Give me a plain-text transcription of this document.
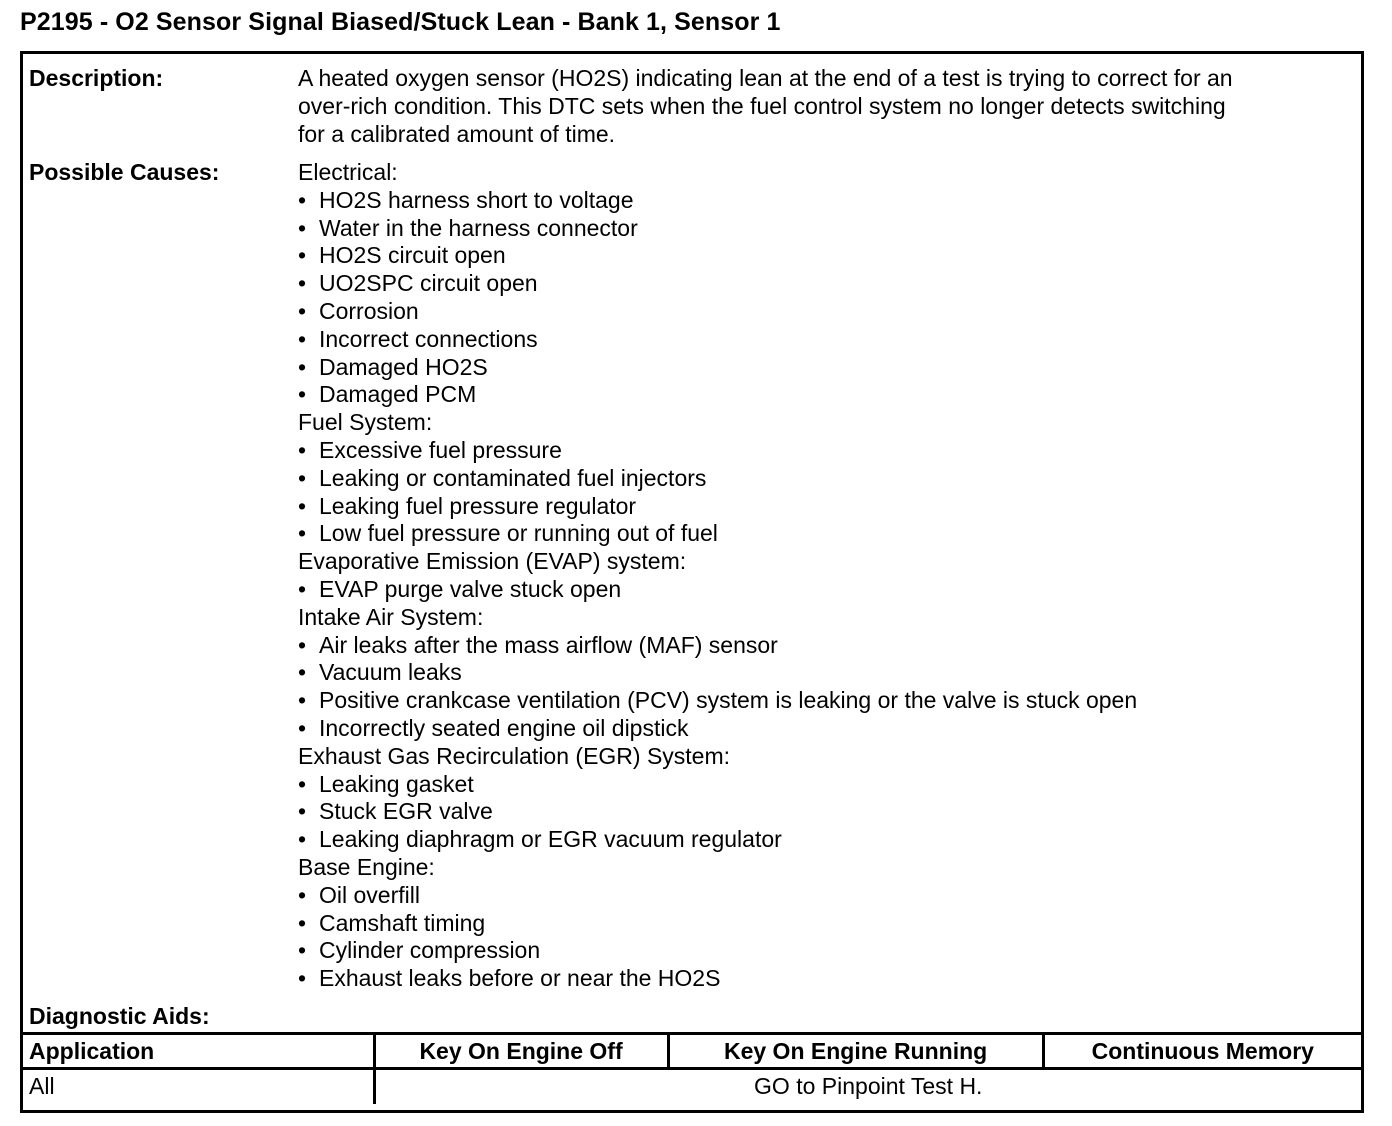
P2195 - O2 Sensor Signal Biased/Stuck Lean - Bank 1, Sensor 1
Description:	A heated oxygen sensor (HO2S) indicating lean at the end of a test is trying to correct for an
over-rich condition. This DTC sets when the fuel control system no longer detects switching
for a calibrated amount of time.
Possible Causes:	Electrical:
• HO2S harness short to voltage
• Water in the harness connector
• HO2S circuit open
• UO2SPC circuit open
• Corrosion
• Incorrect connections
• Damaged HO2S
• Damaged PCM
Fuel System:
• Excessive fuel pressure
• Leaking or contaminated fuel injectors
• Leaking fuel pressure regulator
• Low fuel pressure or running out of fuel
Evaporative Emission (EVAP) system:
• EVAP purge valve stuck open
Intake Air System:
• Air leaks after the mass airflow (MAF) sensor
• Vacuum leaks
• Positive crankcase ventilation (PCV) system is leaking or the valve is stuck open
• Incorrectly seated engine oil dipstick
Exhaust Gas Recirculation (EGR) System:
• Leaking gasket
• Stuck EGR valve
• Leaking diaphragm or EGR vacuum regulator
Base Engine:
• Oil overfill
• Camshaft timing
• Cylinder compression
• Exhaust leaks before or near the HO2S
Diagnostic Aids:
Application	Key On Engine Off	Key On Engine Running	Continuous Memory
All	GO to Pinpoint Test H.		
